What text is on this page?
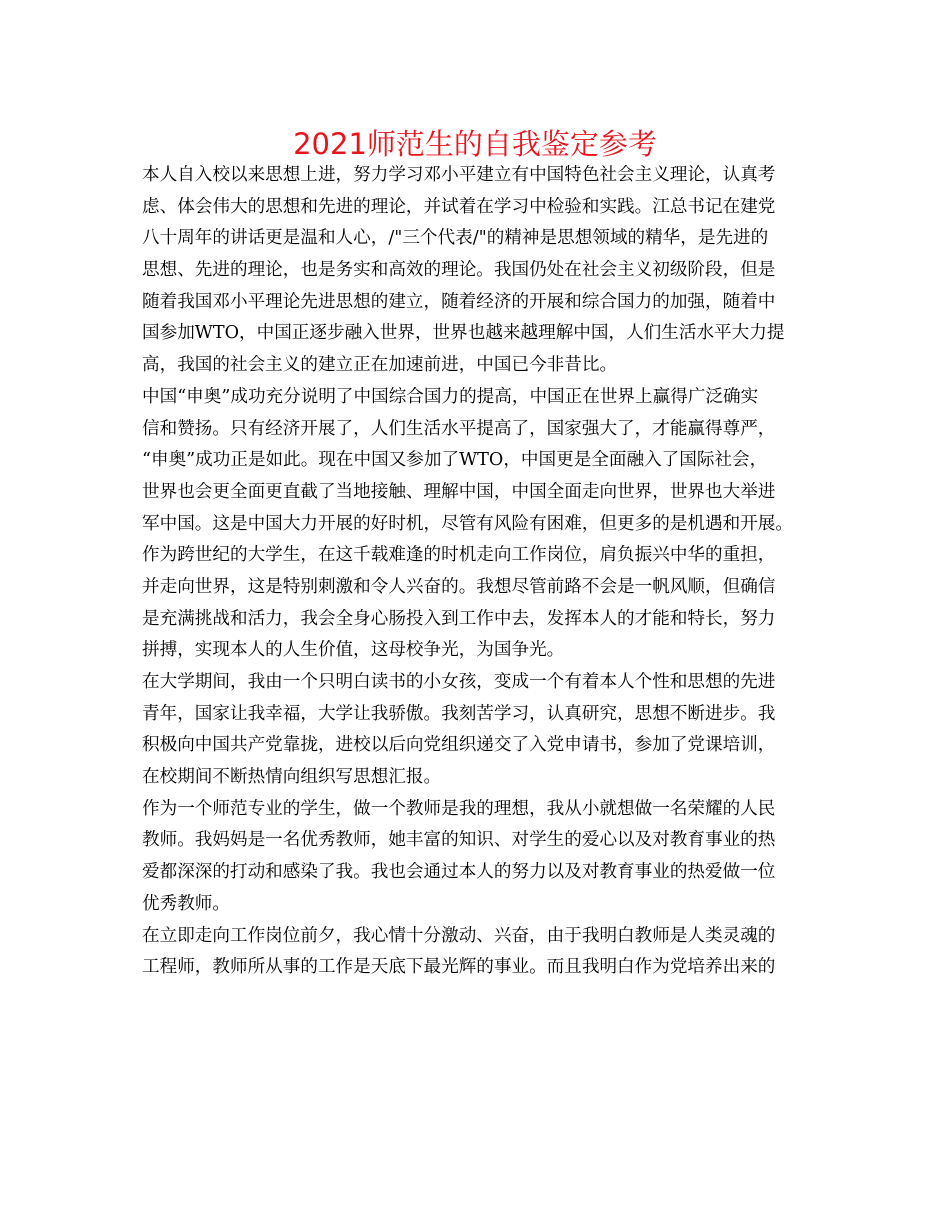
2021师范生的自我鉴定参考
本人自入校以来思想上进，努力学习邓小平建立有中国特色社会主义理论，认真考
虑、体会伟大的思想和先进的理论，并试着在学习中检验和实践。江总书记在建党
八十周年的讲话更是温和人心，/"三个代表/"的精神是思想领域的精华，是先进的
思想、先进的理论，也是务实和高效的理论。我国仍处在社会主义初级阶段，但是
随着我国邓小平理论先进思想的建立，随着经济的开展和综合国力的加强，随着中
国参加WTO，中国正逐步融入世界，世界也越来越理解中国，人们生活水平大力提
高，我国的社会主义的建立正在加速前进，中国已今非昔比。
中国“申奥”成功充分说明了中国综合国力的提高，中国正在世界上赢得广泛确实
信和赞扬。只有经济开展了，人们生活水平提高了，国家强大了，才能赢得尊严，
“申奥”成功正是如此。现在中国又参加了WTO，中国更是全面融入了国际社会，
世界也会更全面更直截了当地接触、理解中国，中国全面走向世界，世界也大举进
军中国。这是中国大力开展的好时机，尽管有风险有困难，但更多的是机遇和开展。
作为跨世纪的大学生，在这千载难逢的时机走向工作岗位，肩负振兴中华的重担，
并走向世界，这是特别刺激和令人兴奋的。我想尽管前路不会是一帆风顺，但确信
是充满挑战和活力，我会全身心肠投入到工作中去，发挥本人的才能和特长，努力
拼搏，实现本人的人生价值，这母校争光，为国争光。
在大学期间，我由一个只明白读书的小女孩，变成一个有着本人个性和思想的先进
青年，国家让我幸福，大学让我骄傲。我刻苦学习，认真研究，思想不断进步。我
积极向中国共产党靠拢，进校以后向党组织递交了入党申请书，参加了党课培训，
在校期间不断热情向组织写思想汇报。
作为一个师范专业的学生，做一个教师是我的理想，我从小就想做一名荣耀的人民
教师。我妈妈是一名优秀教师，她丰富的知识、对学生的爱心以及对教育事业的热
爱都深深的打动和感染了我。我也会通过本人的努力以及对教育事业的热爱做一位
优秀教师。
在立即走向工作岗位前夕，我心情十分激动、兴奋，由于我明白教师是人类灵魂的
工程师，教师所从事的工作是天底下最光辉的事业。而且我明白作为党培养出来的
